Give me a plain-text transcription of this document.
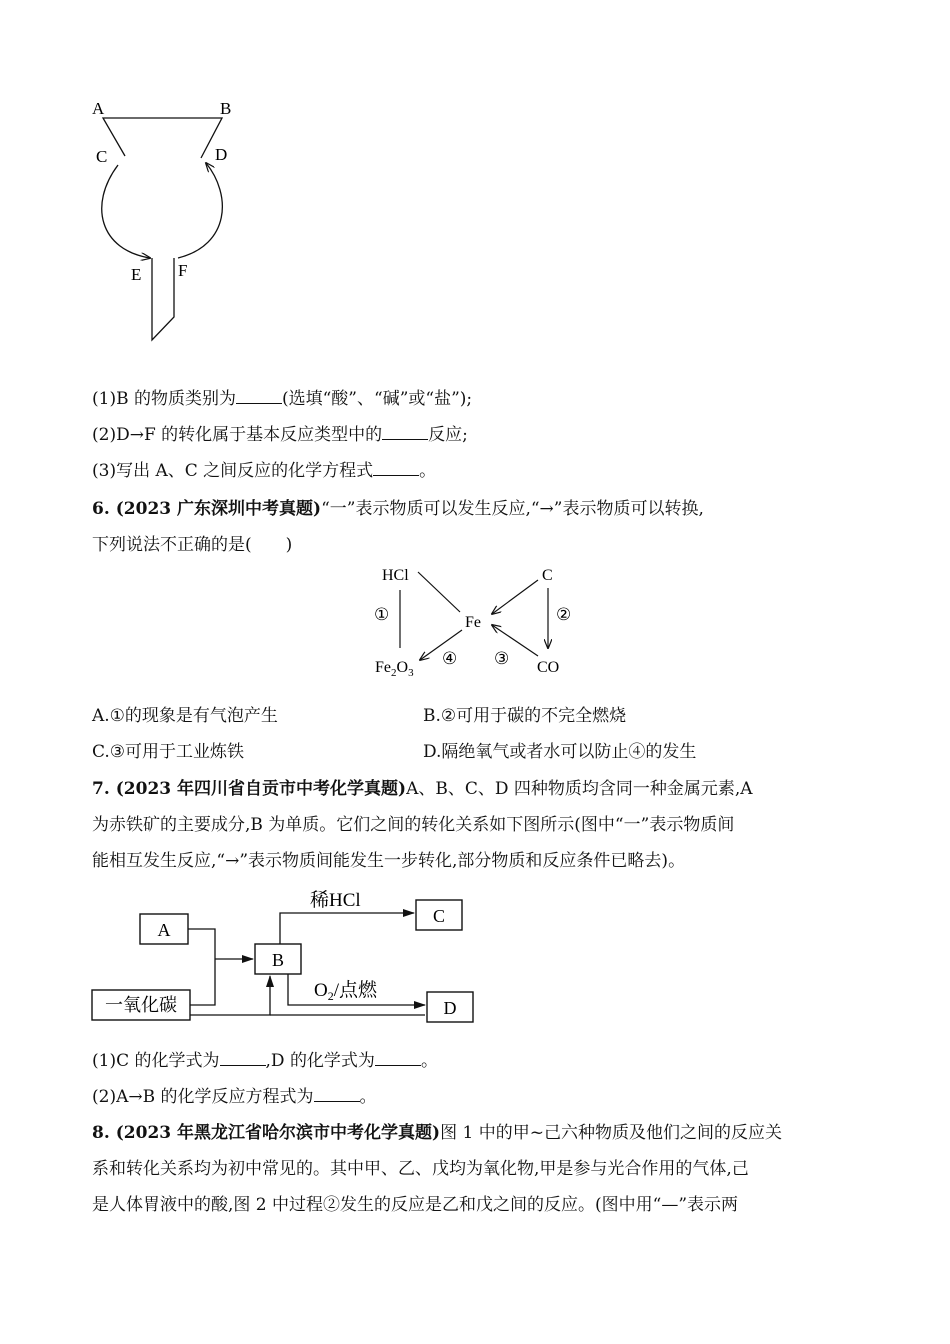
A	B
C	D
E F
(1)B 的物质类别为	(选填“酸”、“碱”或“盐”);
(2)D→F 的转化属于基本反应类型中的	反应;
(3)写出 A、C 之间反应的化学方程式	。
6. (2023 广东深圳中考真题)“一”表示物质可以发生反应,“→”表示物质可以转换,
下列说法不正确的是(　　)
HCl	C
Fe
$Fe_2O_3$	CO
①	②
③
④
A.①的现象是有气泡产生	B.②可用于碳的不完全燃烧
C.③可用于工业炼铁	D.隔绝氧气或者水可以防止④的发生
7. (2023 年四川省自贡市中考化学真题)A、B、C、D 四种物质均含同一种金属元素,A
为赤铁矿的主要成分,B 为单质。它们之间的转化关系如下图所示(图中“一”表示物质间
能相互发生反应,“→”表示物质间能发生一步转化,部分物质和反应条件已略去)。
A
B
C
D
一氧化碳
稀HCl
$O_2/$点燃
(1)C 的化学式为	,D 的化学式为	。
(2)A→B 的化学反应方程式为	。
8. (2023 年黑龙江省哈尔滨市中考化学真题)图 1 中的甲~己六种物质及他们之间的反应关
系和转化关系均为初中常见的。其中甲、乙、戊均为氧化物,甲是参与光合作用的气体,己
是人体胃液中的酸,图 2 中过程②发生的反应是乙和戊之间的反应。(图中用“—”表示两
